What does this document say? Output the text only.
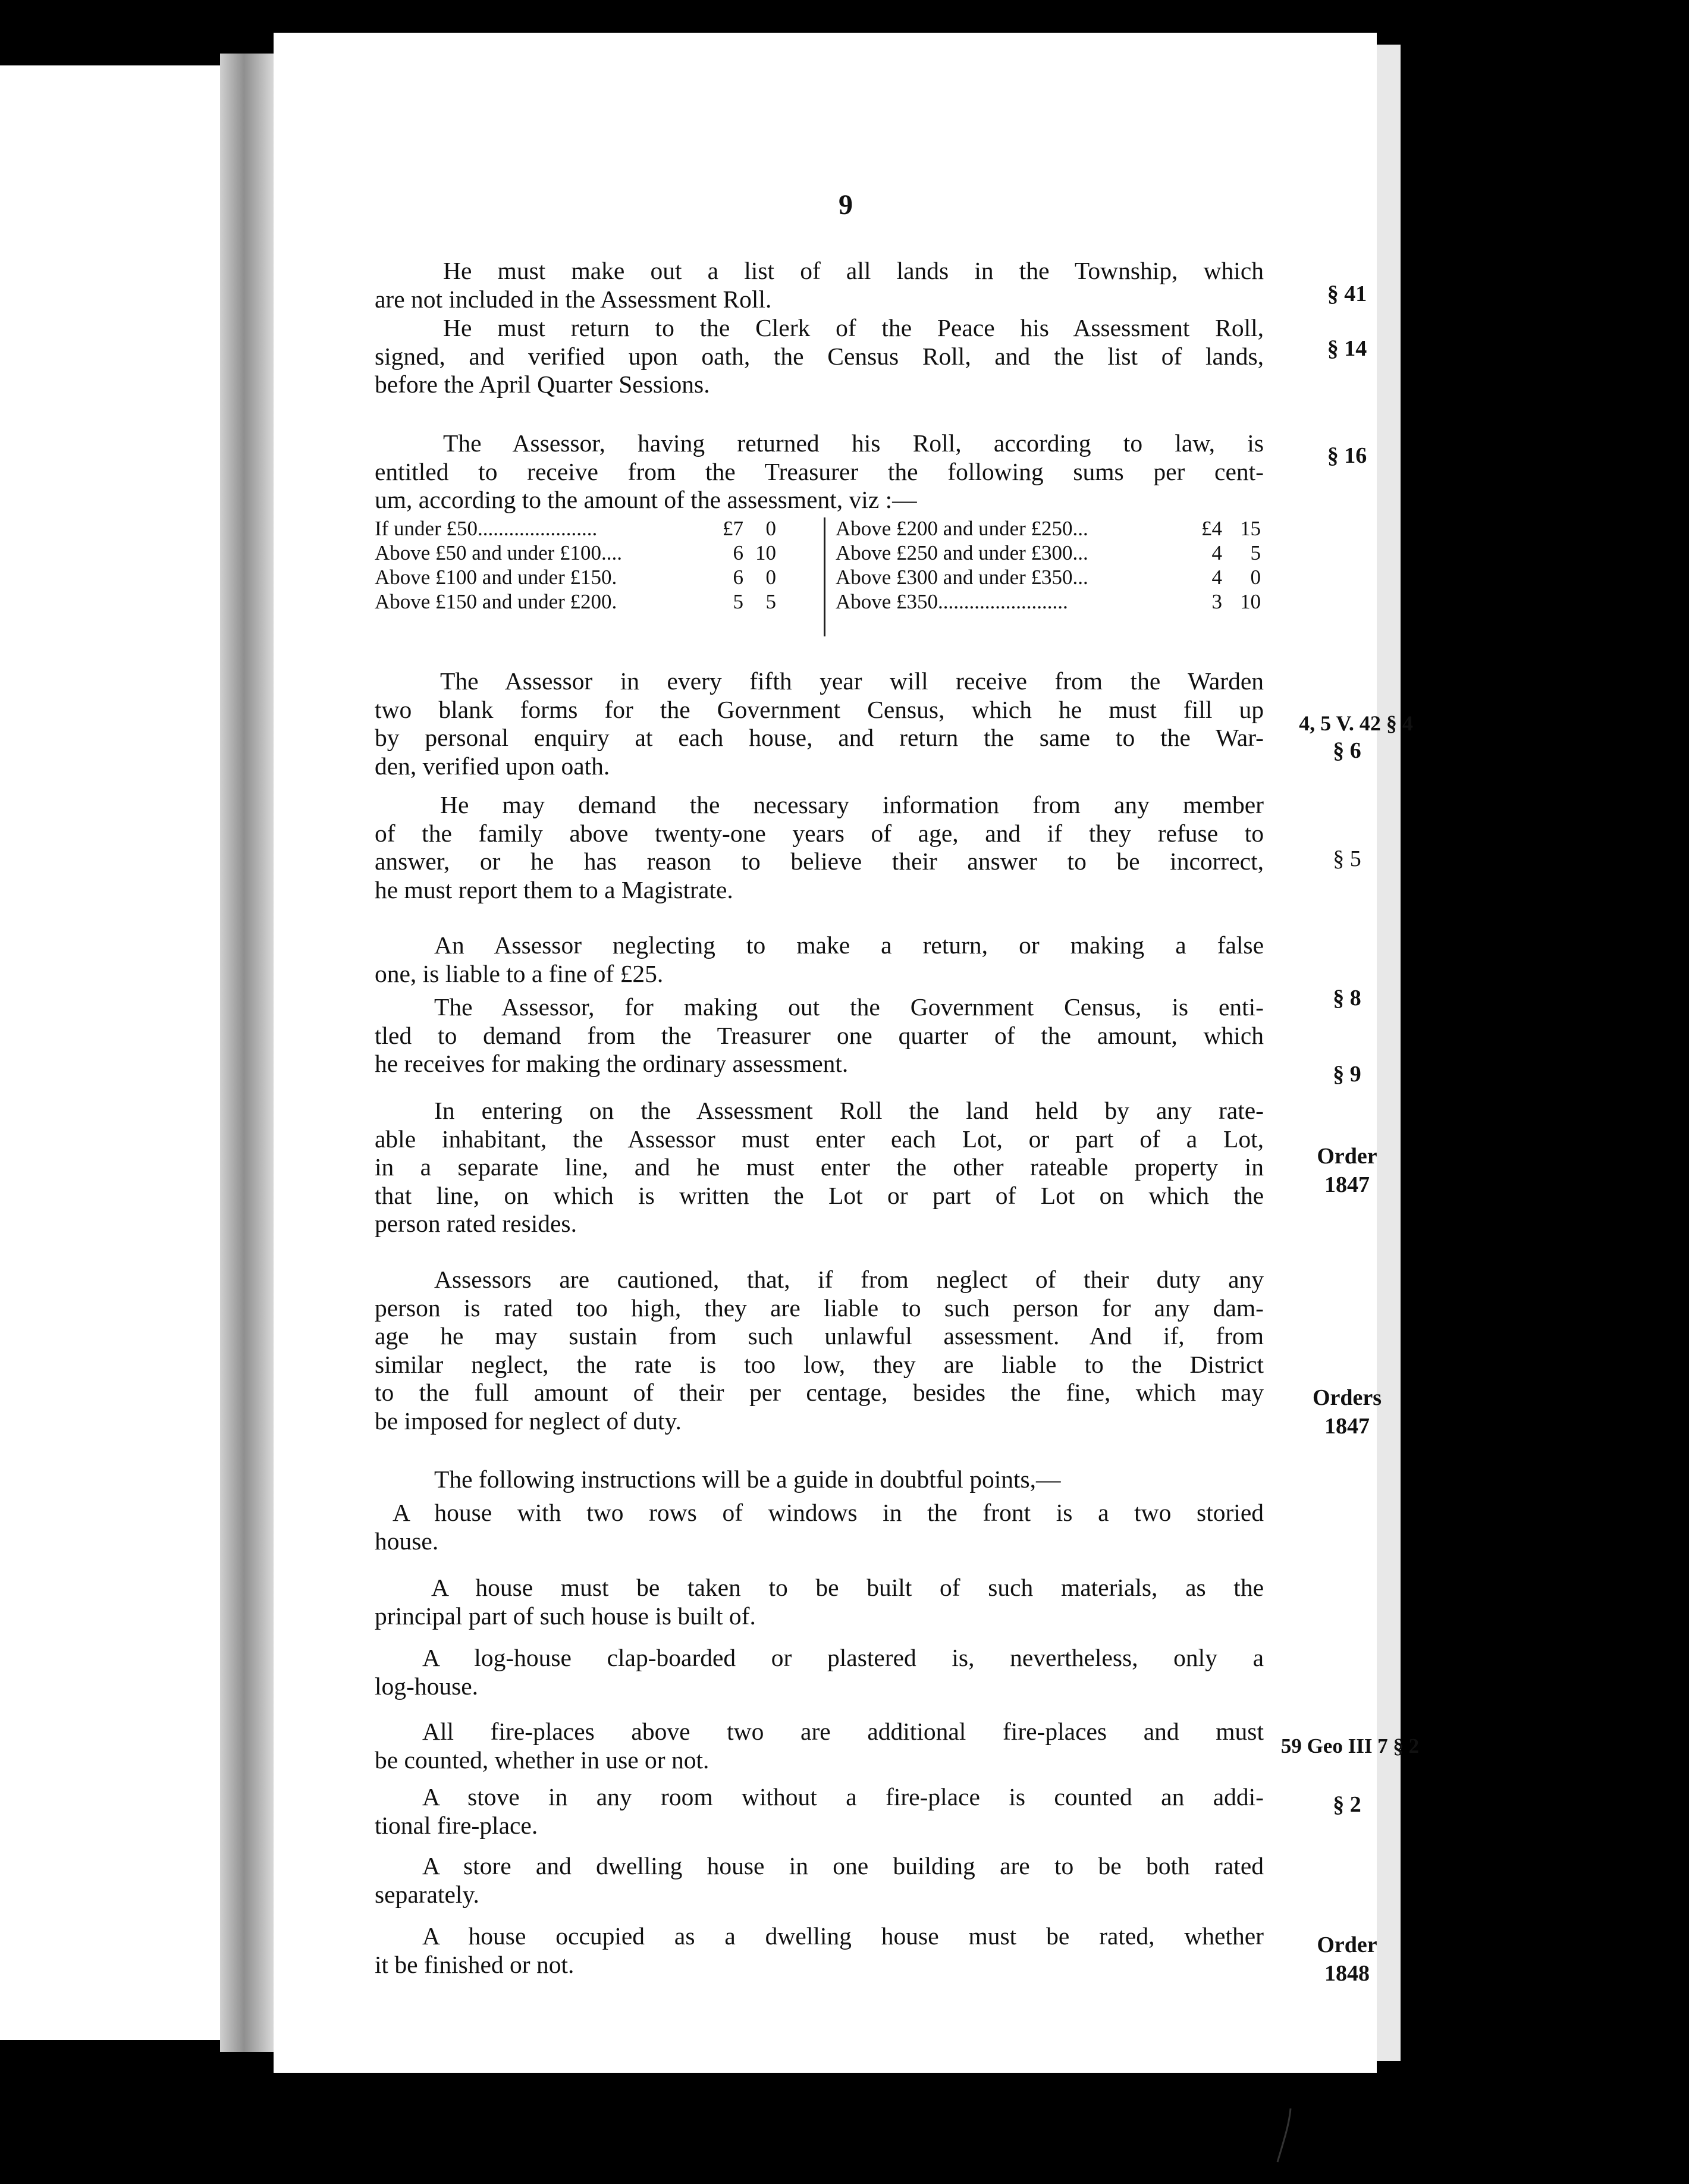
9
He must make out a list of all lands in the Township, which
are not included in the Assessment Roll.
He must return to the Clerk of the Peace his Assessment Roll,
signed, and verified upon oath, the Census Roll, and the list of lands,
before the April Quarter Sessions.
The Assessor, having returned his Roll, according to law, is
entitled to receive from the Treasurer the following sums per cent-
um, according to the amount of the assessment, viz :—
If under £50.......................	£7	0
Above £50 and under £100....	6 10
Above £100 and under £150.	6	0
Above £150 and under £200.	5	5
Above £200 and under £250...	£4 15
Above £250 and under £300...	4	5
Above £300 and under £350...	4	0
Above £350.........................	3 10
The Assessor in every fifth year will receive from the Warden
two blank forms for the Government Census, which he must fill up
by personal enquiry at each house, and return the same to the War-
den, verified upon oath.
He may demand the necessary information from any member
of the family above twenty-one years of age, and if they refuse to
answer, or he has reason to believe their answer to be incorrect,
he must report them to a Magistrate.
An Assessor neglecting to make a return, or making a false
one, is liable to a fine of £25.
The Assessor, for making out the Government Census, is enti-
tled to demand from the Treasurer one quarter of the amount, which
he receives for making the ordinary assessment.
In entering on the Assessment Roll the land held by any rate-
able inhabitant, the Assessor must enter each Lot, or part of a Lot,
in a separate line, and he must enter the other rateable property in
that line, on which is written the Lot or part of Lot on which the
person rated resides.
Assessors are cautioned, that, if from neglect of their duty any
person is rated too high, they are liable to such person for any dam-
age he may sustain from such unlawful assessment. And if, from
similar neglect, the rate is too low, they are liable to the District
to the full amount of their per centage, besides the fine, which may
be imposed for neglect of duty.
The following instructions will be a guide in doubtful points,—
A house with two rows of windows in the front is a two storied
house.
A house must be taken to be built of such materials, as the
principal part of such house is built of.
A log-house clap-boarded or plastered is, nevertheless, only a
log-house.
All fire-places above two are additional fire-places and must
be counted, whether in use or not.
A stove in any room without a fire-place is counted an addi-
tional fire-place.
A store and dwelling house in one building are to be both rated
separately.
A house occupied as a dwelling house must be rated, whether
it be finished or not.
§ 41
§ 14
§ 16
4, 5 V. 42 § 4
§ 6
§ 5
§ 8
§ 9
Order
1847
Orders
1847
59 Geo III 7 § 2
§ 2
Order
1848
